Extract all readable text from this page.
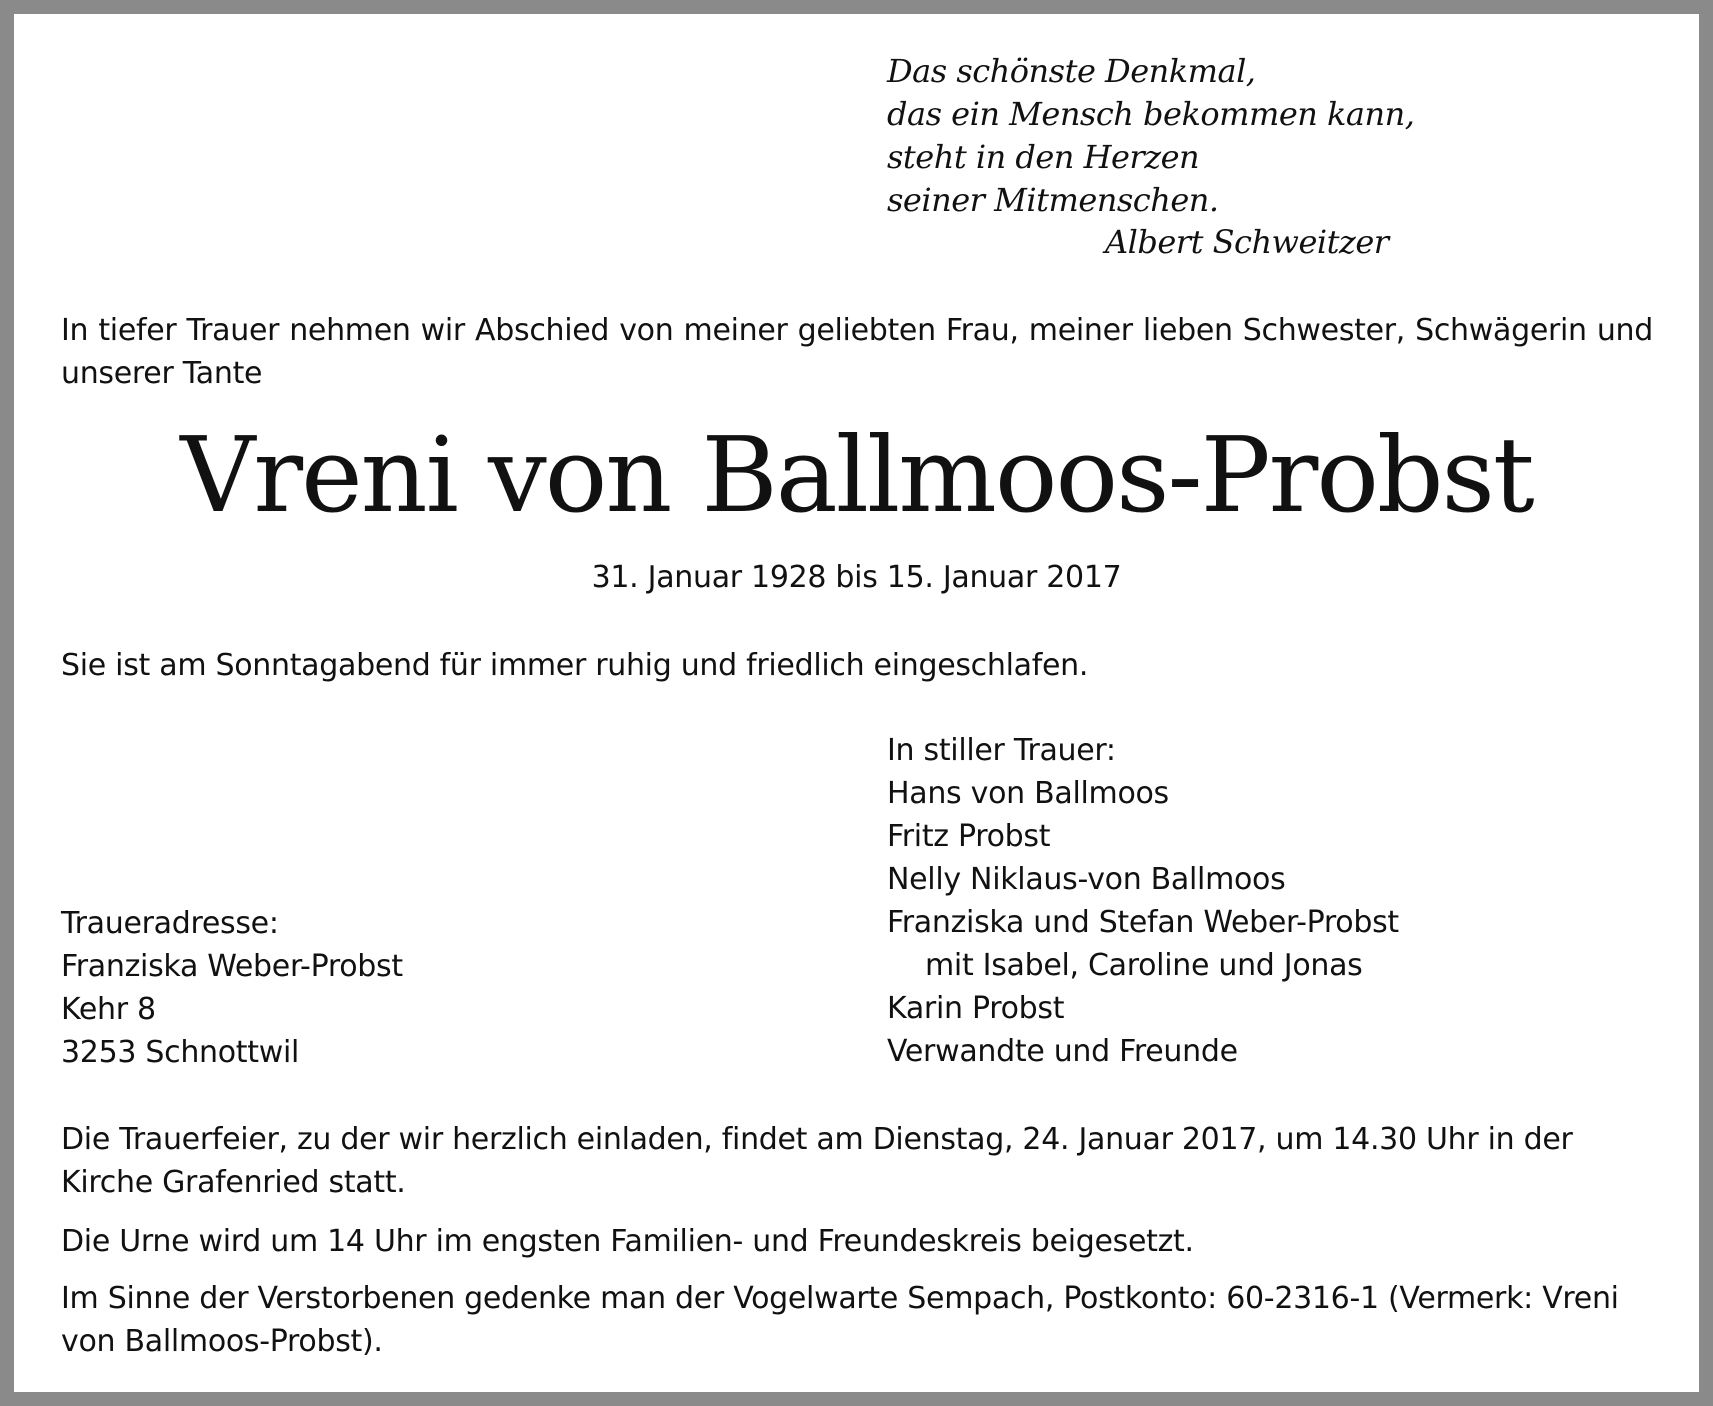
Das schönste Denkmal,
das ein Mensch bekommen kann,
steht in den Herzen
seiner Mitmenschen.
Albert Schweitzer
In tiefer Trauer nehmen wir Abschied von meiner geliebten Frau, meiner lieben Schwester, Schwägerin und unserer Tante
Vreni von Ballmoos-Probst
31. Januar 1928 bis 15. Januar 2017
Sie ist am Sonntagabend für immer ruhig und friedlich eingeschlafen.
In stiller Trauer:
Hans von Ballmoos
Fritz Probst
Nelly Niklaus-von Ballmoos
Franziska und Stefan Weber-Probst
mit Isabel, Caroline und Jonas
Karin Probst
Verwandte und Freunde
Traueradresse:
Franziska Weber-Probst
Kehr 8
3253 Schnottwil
Die Trauerfeier, zu der wir herzlich einladen, findet am Dienstag, 24. Januar 2017, um 14.30 Uhr in der Kirche Grafenried statt.
Die Urne wird um 14 Uhr im engsten Familien- und Freundeskreis beigesetzt.
Im Sinne der Verstorbenen gedenke man der Vogelwarte Sempach, Postkonto: 60-2316-1 (Vermerk: Vreni von Ballmoos-Probst).
